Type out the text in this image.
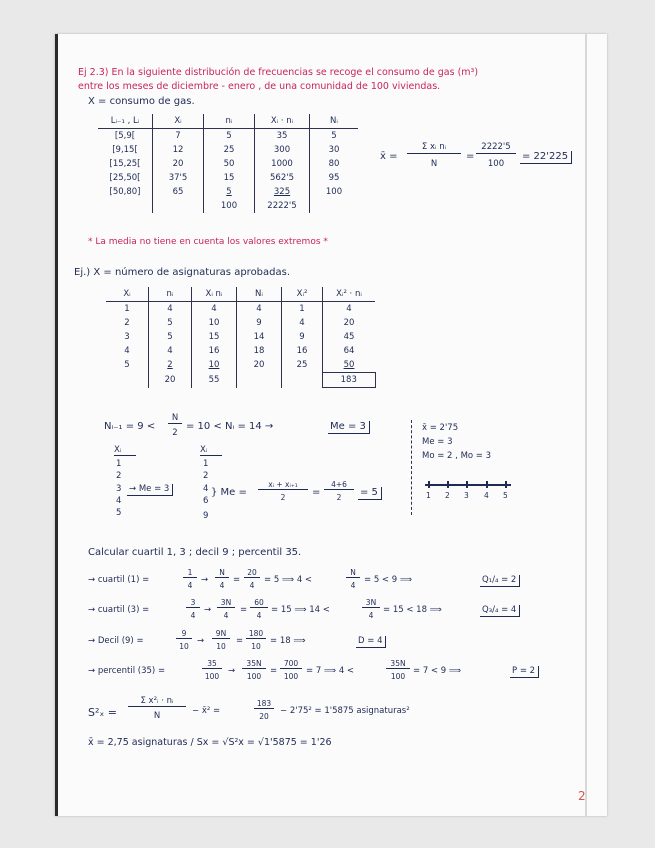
Ej 2.3) En la siguiente distribución de frecuencias se recoge el consumo de gas (m³)
entre los meses de diciembre - enero , de una comunidad de 100 viviendas.
X = consumo de gas.
Lᵢ₋₁ , Lᵢ	Xᵢ	nᵢ	Xᵢ · nᵢ	Nᵢ
[5,9[	7	5	35	5
[9,15[	12	25	300	30
[15,25[	20	50	1000	80
[25,50[	37'5	15	562'5	95
[50,80]	65	5	325	100
		100	2222'5	
x̄ =
Σ xᵢ nᵢ
N
=
2222'5
100
= 22'225
* La media no tiene en cuenta los valores extremos *
Ej.) X = número de asignaturas aprobadas.
Xᵢ	nᵢ	Xᵢ nᵢ	Nᵢ	Xᵢ²	Xᵢ² · nᵢ
1	4	4	4	1	4
2	5	10	9	4	20
3	5	15	14	9	45
4	4	16	18	16	64
5	2	10	20	25	50
	20	55			183
Nᵢ₋₁ = 9 <
N
2
= 10 < Nᵢ = 14 →	Me = 3
Xᵢ
1
2
3
4
5
→ Me = 3
Xᵢ
1
2
4
6
9
} Me =
xᵢ + xᵢ₊₁
2	=
4+6
2	= 5
x̄ = 2'75
Me = 3
Mo = 2 , Mo = 3
1 2 3 4 5
Calcular cuartil 1, 3 ; decil 9 ; percentil 35.
→ cuartil (1) =
1
4
→
N
4
=
20
4
= 5 ⟹ 4 <
N
4
= 5 < 9 ⟹	Q₁/₄ = 2
→ cuartil (3) =
3
4
→
3N
4
=
60
4
= 15 ⟹ 14 <
3N
4
= 15 < 18 ⟹	Q₃/₄ = 4
→ Decil (9) =
9
10
→
9N
10
=
180
10
= 18 ⟹	D = 4
→ percentil (35) =
35
100
→
35N
100
=
700
100
= 7 ⟹ 4 <
35N
100
= 7 < 9 ⟹	P = 2
S²ₓ =
Σ x²ᵢ · nᵢ
N	− x̄² =
183
20
− 2'75² = 1'5875 asignaturas²
x̄ = 2,75 asignaturas / Sx = √S²x = √1'5875 = 1'26
2
